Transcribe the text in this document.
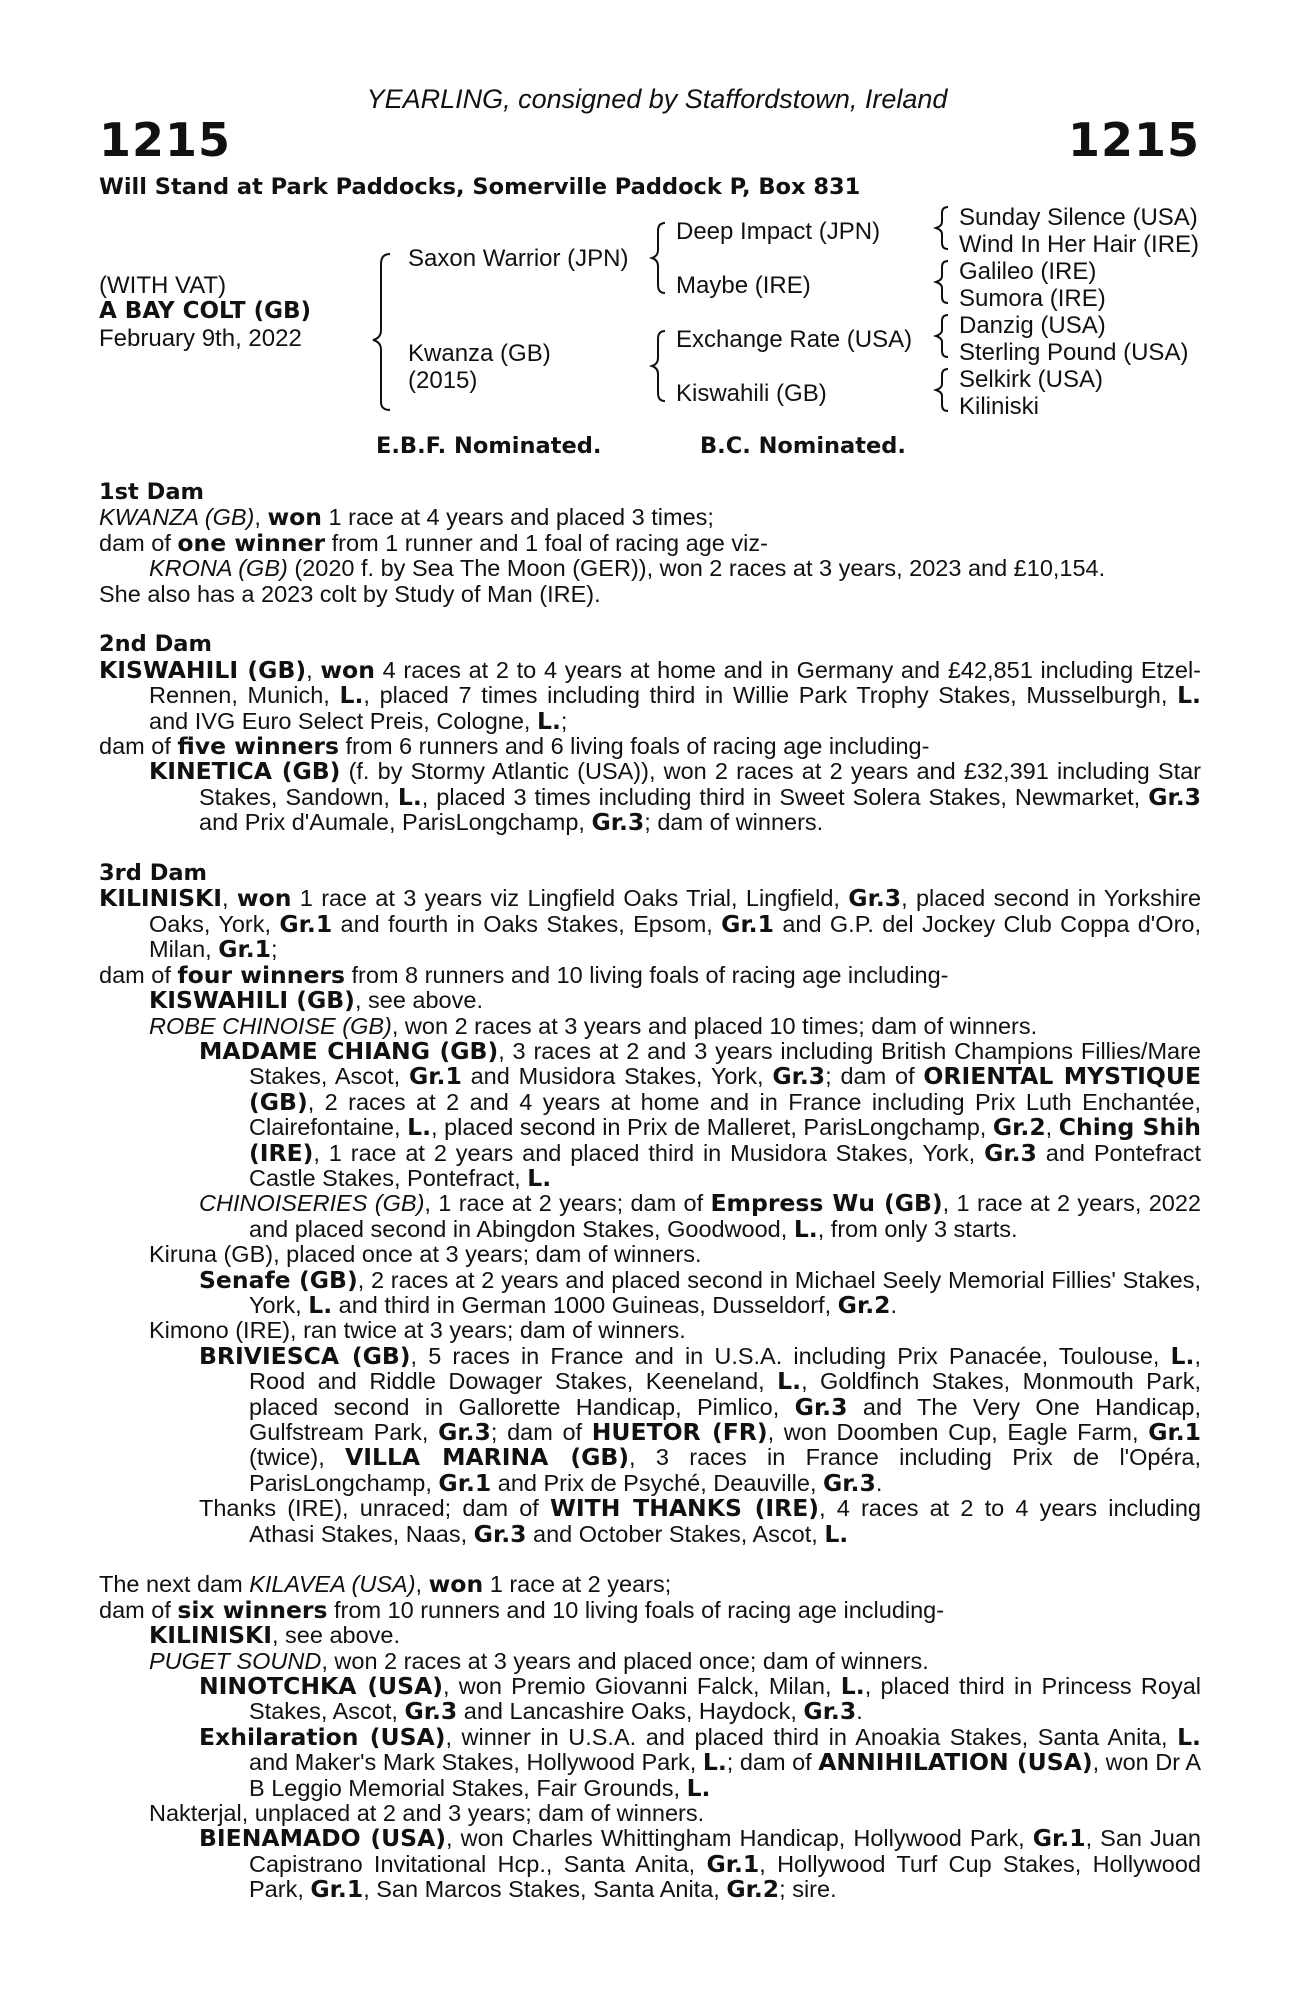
YEARLING, consigned by Staffordstown, Ireland
1215	1215
Will Stand at Park Paddocks, Somerville Paddock P, Box 831
(WITH VAT)
A BAY COLT (GB)
February 9th, 2022
Saxon Warrior (JPN)
Kwanza (GB)
(2015)
Deep Impact (JPN)
Maybe (IRE)
Exchange Rate (USA)
Kiswahili (GB)
Sunday Silence (USA)
Wind In Her Hair (IRE)
Galileo (IRE)
Sumora (IRE)
Danzig (USA)
Sterling Pound (USA)
Selkirk (USA)
Kiliniski
E.B.F. Nominated.	B.C. Nominated.
1st Dam
KWANZA (GB), won 1 race at 4 years and placed 3 times;
dam of one winner from 1 runner and 1 foal of racing age viz-
KRONA (GB) (2020 f. by Sea The Moon (GER)), won 2 races at 3 years, 2023 and £10,154.
She also has a 2023 colt by Study of Man (IRE).
2nd Dam
KISWAHILI (GB), won 4 races at 2 to 4 years at home and in Germany and £42,851 including Etzel- Rennen, Munich, L., placed 7 times including third in Willie Park Trophy Stakes, Musselburgh, L. and IVG Euro Select Preis, Cologne, L.;
dam of five winners from 6 runners and 6 living foals of racing age including-
KINETICA (GB) (f. by Stormy Atlantic (USA)), won 2 races at 2 years and £32,391 including Star Stakes, Sandown, L., placed 3 times including third in Sweet Solera Stakes, Newmarket, Gr.3 and Prix d'Aumale, ParisLongchamp, Gr.3; dam of winners.
3rd Dam
KILINISKI, won 1 race at 3 years viz Lingfield Oaks Trial, Lingfield, Gr.3, placed second in Yorkshire Oaks, York, Gr.1 and fourth in Oaks Stakes, Epsom, Gr.1 and G.P. del Jockey Club Coppa d'Oro, Milan, Gr.1;
dam of four winners from 8 runners and 10 living foals of racing age including-
KISWAHILI (GB), see above.
ROBE CHINOISE (GB), won 2 races at 3 years and placed 10 times; dam of winners.
MADAME CHIANG (GB), 3 races at 2 and 3 years including British Champions Fillies/Mare Stakes, Ascot, Gr.1 and Musidora Stakes, York, Gr.3; dam of ORIENTAL MYSTIQUE (GB), 2 races at 2 and 4 years at home and in France including Prix Luth Enchantée, Clairefontaine, L., placed second in Prix de Malleret, ParisLongchamp, Gr.2, Ching Shih (IRE), 1 race at 2 years and placed third in Musidora Stakes, York, Gr.3 and Pontefract Castle Stakes, Pontefract, L.
CHINOISERIES (GB), 1 race at 2 years; dam of Empress Wu (GB), 1 race at 2 years, 2022 and placed second in Abingdon Stakes, Goodwood, L., from only 3 starts.
Kiruna (GB), placed once at 3 years; dam of winners.
Senafe (GB), 2 races at 2 years and placed second in Michael Seely Memorial Fillies' Stakes, York, L. and third in German 1000 Guineas, Dusseldorf, Gr.2.
Kimono (IRE), ran twice at 3 years; dam of winners.
BRIVIESCA (GB), 5 races in France and in U.S.A. including Prix Panacée, Toulouse, L., Rood and Riddle Dowager Stakes, Keeneland, L., Goldfinch Stakes, Monmouth Park, placed second in Gallorette Handicap, Pimlico, Gr.3 and The Very One Handicap, Gulfstream Park, Gr.3; dam of HUETOR (FR), won Doomben Cup, Eagle Farm, Gr.1 (twice), VILLA MARINA (GB), 3 races in France including Prix de l'Opéra, ParisLongchamp, Gr.1 and Prix de Psyché, Deauville, Gr.3.
Thanks (IRE), unraced; dam of WITH THANKS (IRE), 4 races at 2 to 4 years including Athasi Stakes, Naas, Gr.3 and October Stakes, Ascot, L.
The next dam KILAVEA (USA), won 1 race at 2 years;
dam of six winners from 10 runners and 10 living foals of racing age including-
KILINISKI, see above.
PUGET SOUND, won 2 races at 3 years and placed once; dam of winners.
NINOTCHKA (USA), won Premio Giovanni Falck, Milan, L., placed third in Princess Royal Stakes, Ascot, Gr.3 and Lancashire Oaks, Haydock, Gr.3.
Exhilaration (USA), winner in U.S.A. and placed third in Anoakia Stakes, Santa Anita, L. and Maker's Mark Stakes, Hollywood Park, L.; dam of ANNIHILATION (USA), won Dr A B Leggio Memorial Stakes, Fair Grounds, L.
Nakterjal, unplaced at 2 and 3 years; dam of winners.
BIENAMADO (USA), won Charles Whittingham Handicap, Hollywood Park, Gr.1, San Juan Capistrano Invitational Hcp., Santa Anita, Gr.1, Hollywood Turf Cup Stakes, Hollywood Park, Gr.1, San Marcos Stakes, Santa Anita, Gr.2; sire.
